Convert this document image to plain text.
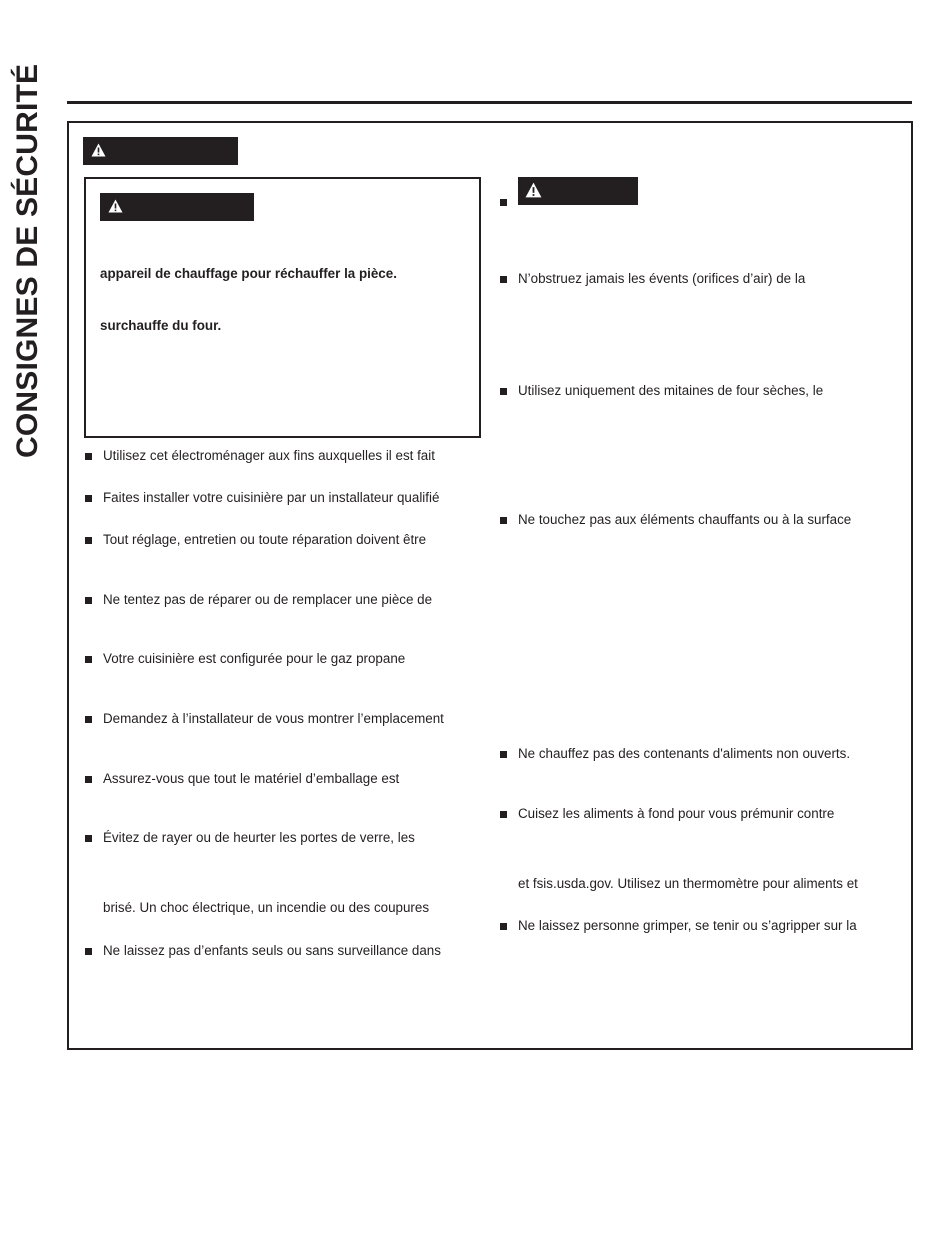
CONSIGNES DE SÉCURITÉ	appareil de chauffage pour réchauffer la pièce.
surchauffe du four.
Utilisez cet électroménager aux fins auxquelles il est fait
Faites installer votre cuisinière par un installateur qualifié
Tout réglage, entretien ou toute réparation doivent être
Ne tentez pas de réparer ou de remplacer une pièce de
Votre cuisinière est configurée pour le gaz propane
Demandez à l’installateur de vous montrer l’emplacement
Assurez-vous que tout le matériel d’emballage est
Évitez de rayer ou de heurter les portes de verre, les
brisé. Un choc électrique, un incendie ou des coupures
Ne laissez pas d’enfants seuls ou sans surveillance dans
N’obstruez jamais les évents (orifices d’air) de la
Utilisez uniquement des mitaines de four sèches, le
Ne touchez pas aux éléments chauffants ou à la surface
Ne chauffez pas des contenants d'aliments non ouverts.
Cuisez les aliments à fond pour vous prémunir contre
et fsis.usda.gov. Utilisez un thermomètre pour aliments et
Ne laissez personne grimper, se tenir ou s’agripper sur la
